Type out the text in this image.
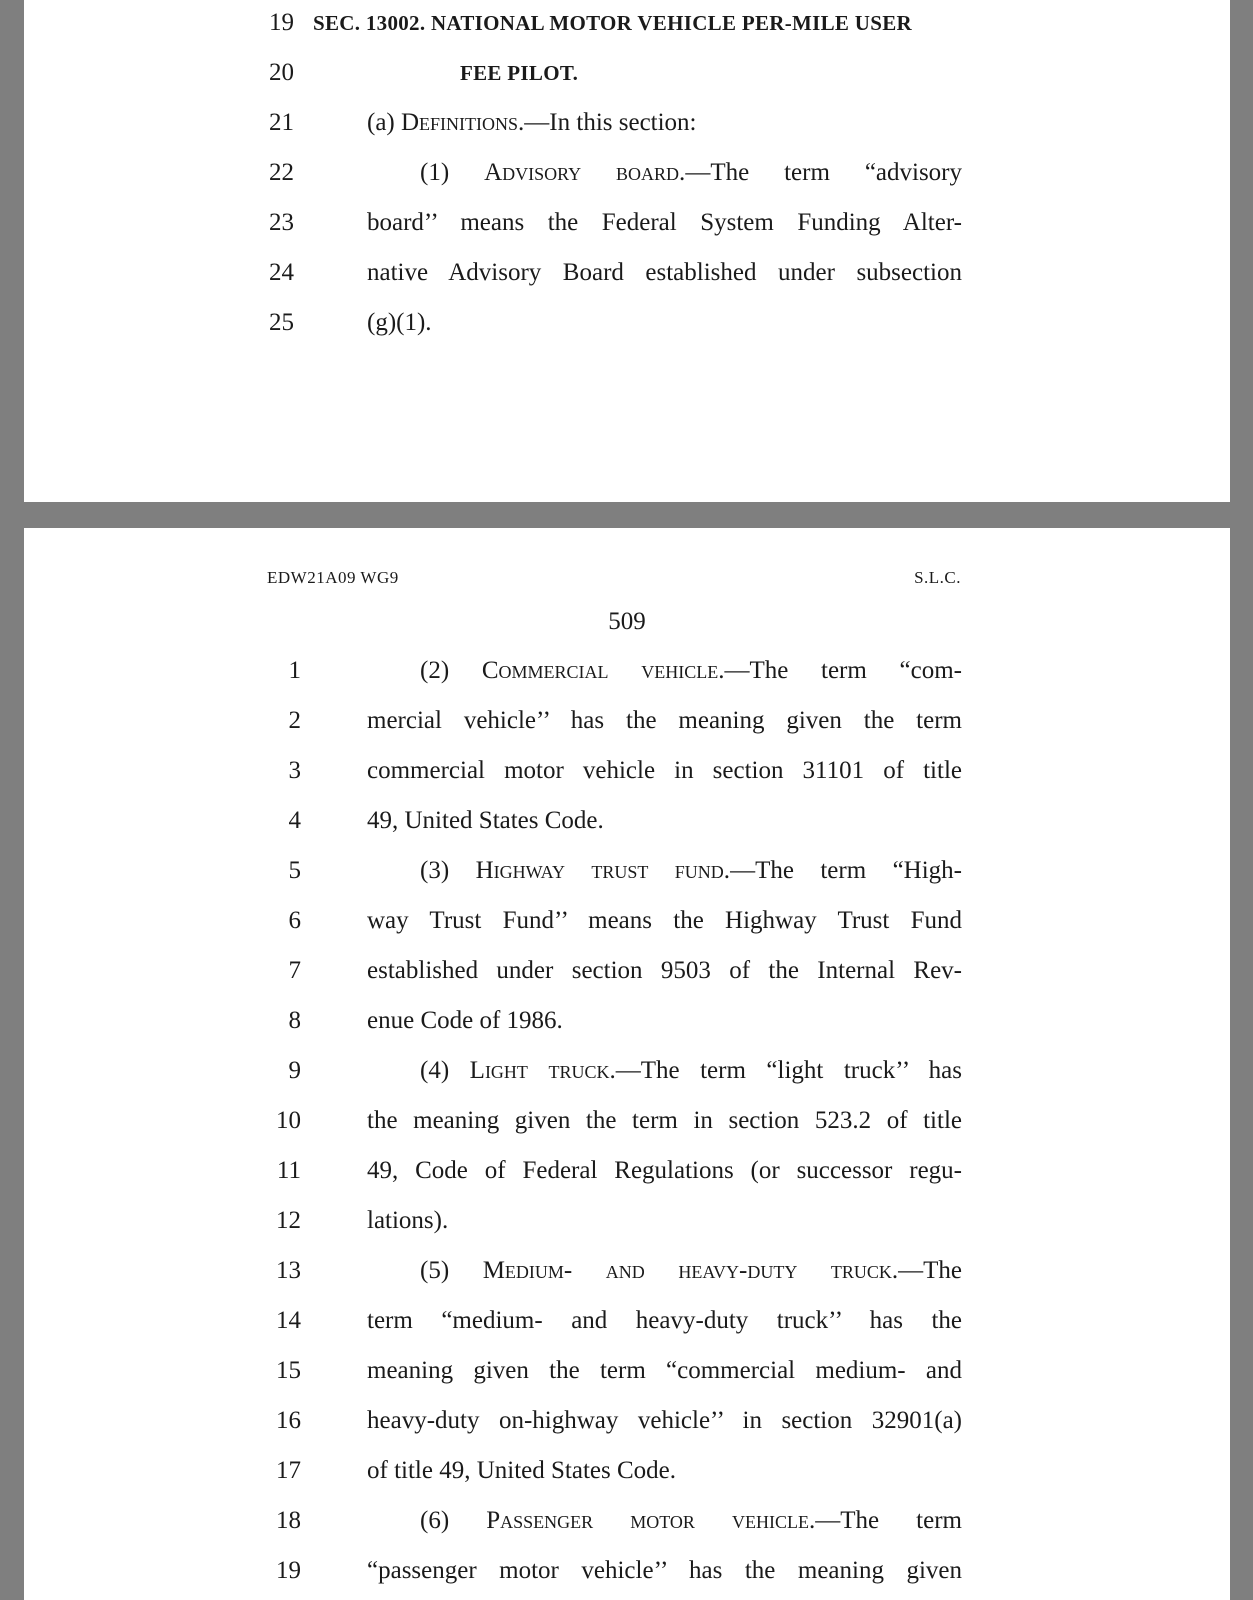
19 SEC. 13002. NATIONAL MOTOR VEHICLE PER-MILE USER
20	FEE PILOT.
21	(a) Definitions.—In this section:
22	(1) Advisory board.—The term “advisory
23	board’’ means the Federal System Funding Alter-
24	native Advisory Board established under subsection
25	(g)(1).
EDW21A09 WG9	S.L.C.
509
1	(2) Commercial vehicle.—The term “com-
2	mercial vehicle’’ has the meaning given the term
3	commercial motor vehicle in section 31101 of title
4	49, United States Code.
5	(3) Highway trust fund.—The term “High-
6	way Trust Fund’’ means the Highway Trust Fund
7	established under section 9503 of the Internal Rev-
8	enue Code of 1986.
9	(4) Light truck.—The term “light truck’’ has
10	the meaning given the term in section 523.2 of title
11	49, Code of Federal Regulations (or successor regu-
12	lations).
13	(5) Medium- and heavy-duty truck.—The
14	term “medium- and heavy-duty truck’’ has the
15	meaning given the term “commercial medium- and
16	heavy-duty on-highway vehicle’’ in section 32901(a)
17	of title 49, United States Code.
18	(6) Passenger motor vehicle.—The term
19	“passenger motor vehicle’’ has the meaning given
